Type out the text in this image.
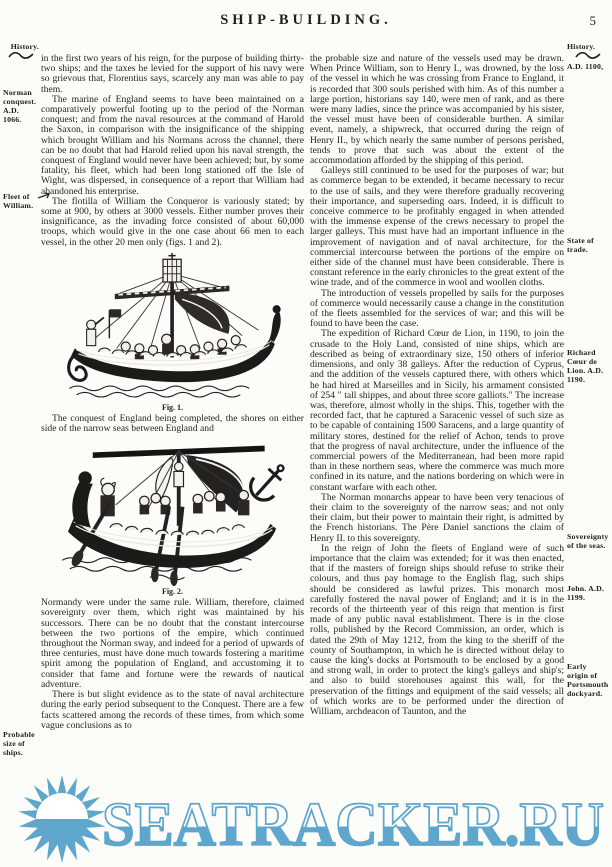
SHIP-BUILDING.	5
History.
Norman conquest. A.D. 1066.
Fleet of William.
Probable size of ships.

in the first two years of his reign, for the purpose of building thirty-two ships; and the taxes he levied for the support of his navy were so grievous that, Florentius says, scarcely any man was able to pay them.

The marine of England seems to have been maintained on a comparatively powerful footing up to the period of the Norman conquest; and from the naval resources at the command of Harold the Saxon, in comparison with the insignificance of the shipping which brought William and his Normans across the channel, there can be no doubt that had Harold relied upon his naval strength, the conquest of England would never have been achieved; but, by some fatality, his fleet, which had been long stationed off the Isle of Wight, was dispersed, in consequence of a report that William had abandoned his enterprise.

The flotilla of William the Conqueror is variously stated; by some at 900, by others at 3000 vessels. Either number proves their insignificance, as the invading force consisted of about 60,000 troops, which would give in the one case about 66 men to each vessel, in the other 20 men only (figs. 1 and 2).

Fig. 1.

The conquest of England being completed, the shores on either side of the narrow seas between England and

Fig. 2.

Normandy were under the same rule. William, therefore, claimed sovereignty over them, which right was maintained by his successors. There can be no doubt that the constant intercourse between the two portions of the empire, which continued throughout the Norman sway, and indeed for a period of upwards of three centuries, must have done much towards fostering a maritime spirit among the population of England, and accustoming it to consider that fame and fortune were the rewards of nautical adventure.

There is but slight evidence as to the state of naval architecture during the early period subsequent to the Conquest. There are a few facts scattered among the records of these times, from which some vague conclusions as to

the probable size and nature of the vessels used may be drawn. When Prince William, son to Henry I., was drowned, by the loss of the vessel in which he was crossing from France to England, it is recorded that 300 souls perished with him. As of this number a large portion, historians say 140, were men of rank, and as there were many ladies, since the prince was accompanied by his sister, the vessel must have been of considerable burthen. A similar event, namely, a shipwreck, that occurred during the reign of Henry II., by which nearly the same number of persons perished, tends to prove that such was about the extent of the accommodation afforded by the shipping of this period.

Galleys still continued to be used for the purposes of war; but as commerce began to be extended, it became necessary to recur to the use of sails, and they were therefore gradually recovering their importance, and superseding oars. Indeed, it is difficult to conceive commerce to be profitably engaged in when attended with the immense expense of the crews necessary to propel the larger galleys. This must have had an important influence in the improvement of navigation and of naval architecture, for the commercial intercourse between the portions of the empire on either side of the channel must have been considerable. There is constant reference in the early chronicles to the great extent of the wine trade, and of the commerce in wool and woollen cloths.

The introduction of vessels propelled by sails for the purposes of commerce would necessarily cause a change in the constitution of the fleets assembled for the services of war; and this will be found to have been the case.

The expedition of Richard Cœur de Lion, in 1190, to join the crusade to the Holy Land, consisted of nine ships, which are described as being of extraordinary size, 150 others of inferior dimensions, and only 38 galleys. After the reduction of Cyprus, and the addition of the vessels captured there, with others which he had hired at Marseilles and in Sicily, his armament consisted of 254 " tall shippes, and about three score galliots." The increase was, therefore, almost wholly in the ships. This, together with the recorded fact, that he captured a Saracenic vessel of such size as to be capable of containing 1500 Saracens, and a large quantity of military stores, destined for the relief of Achon, tends to prove that the progress of naval architecture, under the influence of the commercial powers of the Mediterranean, had been more rapid than in these northern seas, where the commerce was much more confined in its nature, and the nations bordering on which were in constant warfare with each other.

The Norman monarchs appear to have been very tenacious of their claim to the sovereignty of the narrow seas; and not only their claim, but their power to maintain their right, is admitted by the French historians. The Père Daniel sanctions the claim of Henry II. to this sovereignty.

In the reign of John the fleets of England were of such importance that the claim was extended; for it was then enacted, that if the masters of foreign ships should refuse to strike their colours, and thus pay homage to the English flag, such ships should be considered as lawful prizes. This monarch most carefully fostered the naval power of England; and it is in the records of the thirteenth year of this reign that mention is first made of any public naval establishment. There is in the close rolls, published by the Record Commission, an order, which is dated the 29th of May 1212, from the king to the sheriff of the county of Southampton, in which he is directed without delay to cause the king's docks at Portsmouth to be enclosed by a good and strong wall, in order to protect the king's galleys and ship's; and also to build storehouses against this wall, for the preservation of the fittings and equipment of the said vessels; all of which works are to be performed under the direction of William, archdeacon of Taunton, and the

History.
A.D. 1100,
State of trade.
Richard Cœur de Lion. A.D. 1190.
Sovereignty of the seas.
John. A.D. 1199.
Early origin of Portsmouth dockyard.
SEATRACKER.RU
